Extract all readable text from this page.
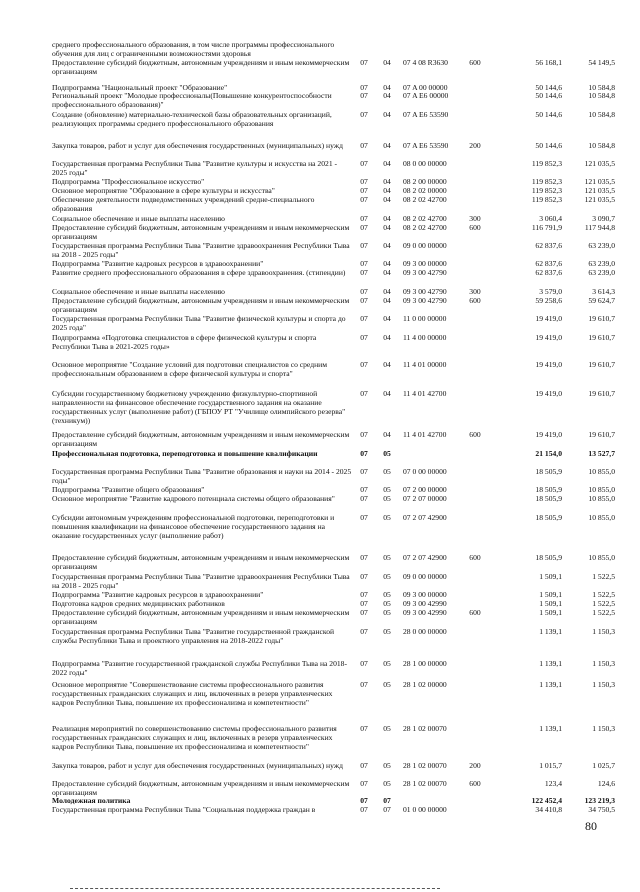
среднего профессионального образования, в том числе программы профессионального обучения для лиц с ограниченными возможностями здоровья
Предоставление субсидий бюджетным, автономным учреждениям и иным некоммерческим организациям
07	04	07 4 08 R3630	600	56 168,1	54 149,5
Подпрограмма "Национальный проект "Образование"	07	04	07 A 00 00000	50 144,6	10 584,8
Региональный проект "Молодые профессионалы(Повышение конкурентоспособности профессионального образования)"
07	04	07 A E6 00000	50 144,6	10 584,8
Создание (обновление) материально-технической базы образовательных организаций, реализующих программы среднего профессионального образования
07	04	07 A E6 53590	50 144,6	10 584,8
Закупка товаров, работ и услуг для обеспечения государственных (муниципальных) нужд	07	04	07 A E6 53590	200	50 144,6	10 584,8
Государственная программа Республики Тыва "Развитие культуры и искусства на 2021 - 2025 годы"
07	04	08 0 00 00000	119 852,3	121 035,5
Подпрограмма "Профессиональное искусство"	07	04	08 2 00 00000	119 852,3	121 035,5
Основное мероприятие "Образование в сфере культуры и искусства"	07	04	08 2 02 00000	119 852,3	121 035,5
Обеспечение деятельности подведомственных учреждений средне-специального образования
07	04	08 2 02 42700	119 852,3	121 035,5
Социальное обеспечение и иные выплаты населению	07	04	08 2 02 42700	300	3 060,4	3 090,7
Предоставление субсидий бюджетным, автономным учреждениям и иным некоммерческим организациям
07	04	08 2 02 42700	600	116 791,9	117 944,8
Государственная программа Республики Тыва "Развитие здравоохранения Республики Тыва на 2018 - 2025 годы"
07	04	09 0 00 00000	62 837,6	63 239,0
Подпрограмма "Развитие кадровых ресурсов в здравоохранении"	07	04	09 3 00 00000	62 837,6	63 239,0
Развитие среднего профессионального образования в сфере здравоохранения. (стипендии)	07	04	09 3 00 42790	62 837,6	63 239,0
Социальное обеспечение и иные выплаты населению	07	04	09 3 00 42790	300	3 579,0	3 614,3
Предоставление субсидий бюджетным, автономным учреждениям и иным некоммерческим организациям
07	04	09 3 00 42790	600	59 258,6	59 624,7
Государственная программа Республики Тыва "Развитие физической культуры и спорта до 2025 года"
07	04	11 0 00 00000	19 419,0	19 610,7
Подпрограмма «Подготовка специалистов в сфере физической культуры и спорта Республики Тыва в 2021-2025 годы»
07	04	11 4 00 00000	19 419,0	19 610,7
Основное мероприятие "Создание условий для подготовки специалистов со средним профессиональным образованием в сфере физической культуры и спорта"
07	04	11 4 01 00000	19 419,0	19 610,7
Субсидии государственному бюджетному учреждению физкультурно-спортивной направленности на финансовое обеспечение государственного задания на оказание государственных услуг (выполнение работ) (ГБПОУ РТ "Училище олимпийского резерва" (техникум))
07	04	11 4 01 42700	19 419,0	19 610,7
Предоставление субсидий бюджетным, автономным учреждениям и иным некоммерческим организациям
07	04	11 4 01 42700	600	19 419,0	19 610,7
Профессиональная подготовка, переподготовка и повышение квалификации	07	05	21 154,0	13 527,7
Государственная программа Республики Тыва "Развитие образования и науки на 2014 - 2025 годы"
07	05	07 0 00 00000	18 505,9	10 855,0
Подпрограмма "Развитие общего образования"	07	05	07 2 00 00000	18 505,9	10 855,0
Основное мероприятие "Развитие кадрового потенциала системы общего образования"	07	05	07 2 07 00000	18 505,9	10 855,0
Субсидии автономным учреждениям профессиональной подготовки, переподготовки и повышения квалификации на финансовое обеспечение государственного задания на оказание государственных услуг (выполнение работ)
07	05	07 2 07 42900	18 505,9	10 855,0
Предоставление субсидий бюджетным, автономным учреждениям и иным некоммерческим организациям
07	05	07 2 07 42900	600	18 505,9	10 855,0
Государственная программа Республики Тыва "Развитие здравоохранения Республики Тыва на 2018 - 2025 годы"
07	05	09 0 00 00000	1 509,1	1 522,5
Подпрограмма "Развитие кадровых ресурсов в здравоохранении"	07	05	09 3 00 00000	1 509,1	1 522,5
Подготовка кадров средних медицинских работников	07	05	09 3 00 42990	1 509,1	1 522,5
Предоставление субсидий бюджетным, автономным учреждениям и иным некоммерческим организациям
07	05	09 3 00 42990	600	1 509,1	1 522,5
Государственная программа Республики Тыва "Развитие государственной гражданской службы Республики Тыва и проектного управления на 2018-2022 годы"
07	05	28 0 00 00000	1 139,1	1 150,3
Подпрограмма "Развитие государственной гражданской службы Республики Тыва на 2018-2022 годы"
07	05	28 1 00 00000	1 139,1	1 150,3
Основное мероприятие "Совершенствование системы профессионального развития государственных гражданских служащих и лиц, включенных в резерв управленческих кадров Республики Тыва, повышение их профессионализма и компетентности"
07	05	28 1 02 00000	1 139,1	1 150,3
Реализация мероприятий по совершенствованию системы профессионального развития государственных гражданских служащих и лиц, включенных в резерв управленческих кадров Республики Тыва, повышение их профессионализма и компетентности"
07	05	28 1 02 00070	1 139,1	1 150,3
Закупка товаров, работ и услуг для обеспечения государственных (муниципальных) нужд	07	05	28 1 02 00070	200	1 015,7	1 025,7
Предоставление субсидий бюджетным, автономным учреждениям и иным некоммерческим организациям
07	05	28 1 02 00070	600	123,4	124,6
Молодежная политика	07	07	122 452,4	123 219,3
Государственная программа Республики Тыва "Социальная поддержка граждан в	07	07	01 0 00 00000	34 410,8	34 750,5
80
